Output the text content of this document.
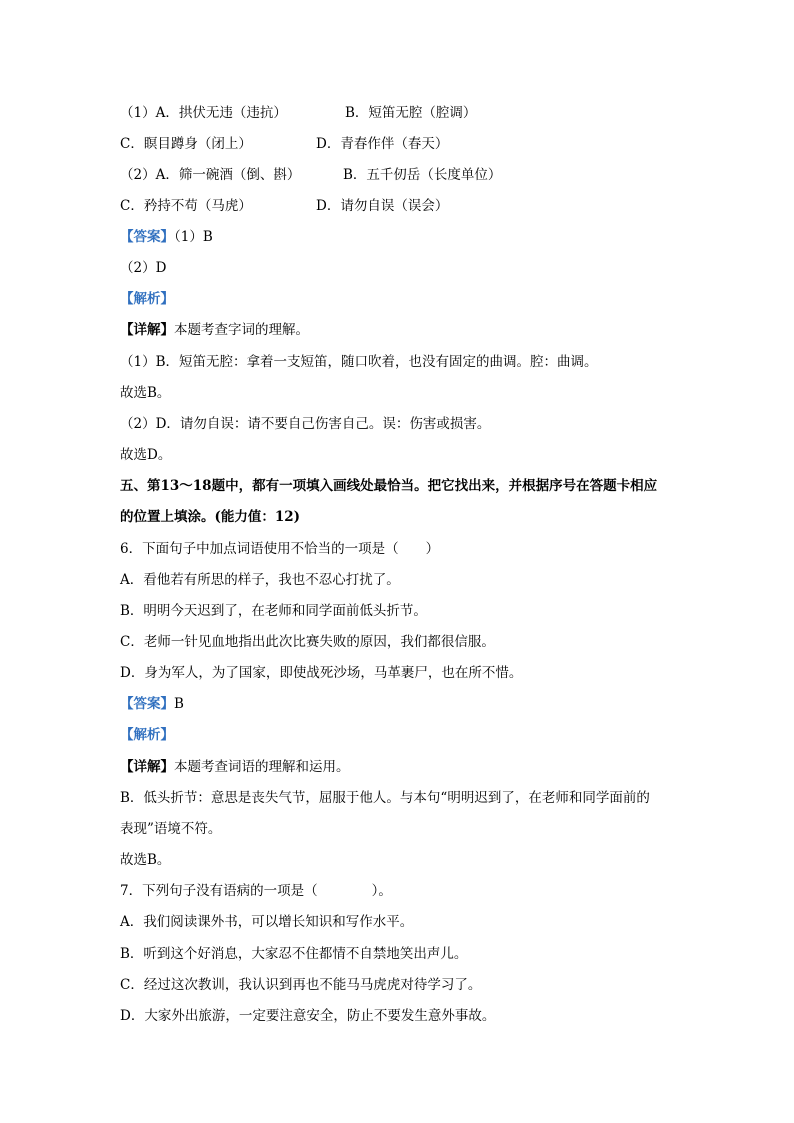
（1）A．拱伏无违（违抗）	B．短笛无腔（腔调）
C．瞑目蹲身（闭上）	D．青春作伴（春天）
（2）A．筛一碗酒（倒、斟）	B．五千仞岳（长度单位）
C．矜持不苟（马虎）	D．请勿自误（误会）
【答案】（1）B
（2）D
【解析】
【详解】本题考查字词的理解。
（1）B．短笛无腔：拿着一支短笛，随口吹着，也没有固定的曲调。腔：曲调。
故选B。
（2）D．请勿自误：请不要自己伤害自己。误：伤害或损害。
故选D。
五、第13～18题中，都有一项填入画线处最恰当。把它找出来，并根据序号在答题卡相应
的位置上填涂。(能力值：12)
6．下面句子中加点词语使用不恰当的一项是（　　）
A．看他若有所思的样子，我也不忍心打扰了。
B．明明今天迟到了，在老师和同学面前低头折节。
C．老师一针见血地指出此次比赛失败的原因，我们都很信服。
D．身为军人，为了国家，即使战死沙场，马革裹尸，也在所不惜。
【答案】B
【解析】
【详解】本题考查词语的理解和运用。
B．低头折节：意思是丧失气节，屈服于他人。与本句“明明迟到了，在老师和同学面前的
表现”语境不符。
故选B。
7．下列句子没有语病的一项是（　　　　）。
A．我们阅读课外书，可以增长知识和写作水平。
B．听到这个好消息，大家忍不住都情不自禁地笑出声儿。
C．经过这次教训，我认识到再也不能马马虎虎对待学习了。
D．大家外出旅游，一定要注意安全，防止不要发生意外事故。
